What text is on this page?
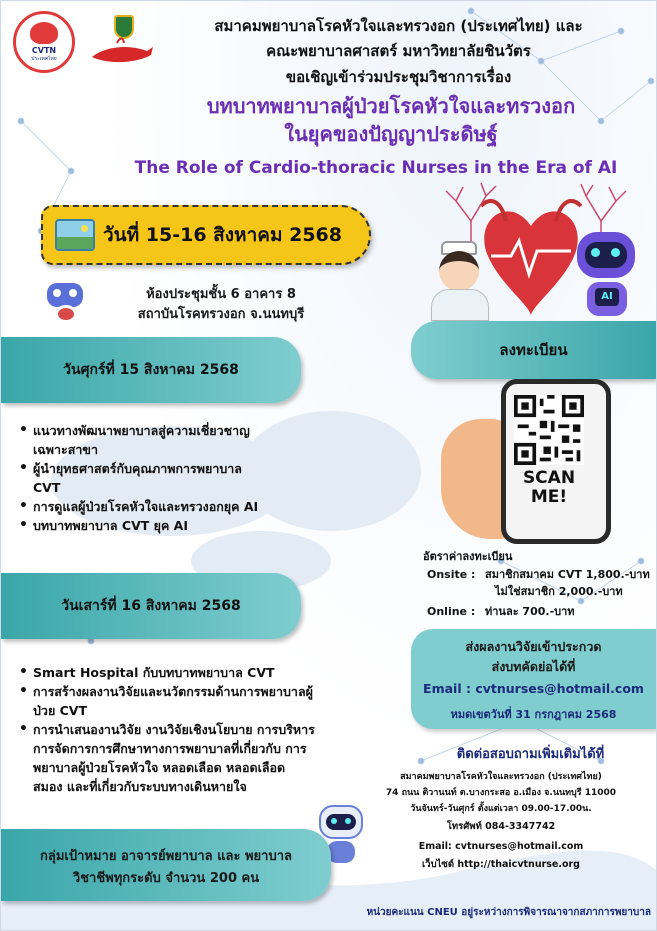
CVTN
ประเทศไทย
สมาคมพยาบาลโรคหัวใจและทรวงอก (ประเทศไทย) และ
คณะพยาบาลศาสตร์ มหาวิทยาลัยชินวัตร
ขอเชิญเข้าร่วมประชุมวิชาการเรื่อง
บทบาทพยาบาลผู้ป่วยโรคหัวใจและทรวงอก
ในยุคของปัญญาประดิษฐ์
The Role of Cardio-thoracic Nurses in the Era of AI
วันที่ 15-16 สิงหาคม 2568
ห้องประชุมชั้น 6 อาคาร 8
สถาบันโรคทรวงอก จ.นนทบุรี
AI
ลงทะเบียน
SCAN
ME!
อัตราค่าลงทะเบียน
Onsite : สมาชิกสมาคม CVT 1,800.-บาท
ไม่ใช่สมาชิก 2,000.-บาท
Online : ท่านละ 700.-บาท
ส่งผลงานวิจัยเข้าประกวด
ส่งบทคัดย่อได้ที่
Email : cvtnurses@hotmail.com
หมดเขตวันที่ 31 กรกฎาคม 2568
ติดต่อสอบถามเพิ่มเติมได้ที่
สมาคมพยาบาลโรคหัวใจและทรวงอก (ประเทศไทย)
74 ถนน ติวานนท์ ต.บางกระสอ อ.เมือง จ.นนทบุรี 11000
วันจันทร์-วันศุกร์ ตั้งแต่เวลา 09.00-17.00น.
โทรศัพท์ 084-3347742
Email: cvtnurses@hotmail.com
เว็บไซต์ http://thaicvtnurse.org
วันศุกร์ที่ 15 สิงหาคม 2568
• แนวทางพัฒนาพยาบาลสู่ความเชี่ยวชาญ
เฉพาะสาขา
• ผู้นำยุทธศาสตร์กับคุณภาพการพยาบาล
CVT
• การดูแลผู้ป่วยโรคหัวใจและทรวงอกยุค AI
• บทบาทพยาบาล CVT ยุค AI
วันเสาร์ที่ 16 สิงหาคม 2568
• Smart Hospital กับบทบาทพยาบาล CVT
• การสร้างผลงานวิจัยและนวัตกรรมด้านการพยาบาลผู้
ป่วย CVT
• การนำเสนองานวิจัย งานวิจัยเชิงนโยบาย การบริหาร
การจัดการการศึกษาทางการพยาบาลที่เกี่ยวกับ การ
พยาบาลผู้ป่วยโรคหัวใจ หลอดเลือด หลอดเลือด
สมอง และที่เกี่ยวกับระบบทางเดินหายใจ
กลุ่มเป้าหมาย อาจารย์พยาบาล และ พยาบาล
วิชาชีพทุกระดับ จำนวน 200 คน
หน่วยคะแนน CNEU อยู่ระหว่างการพิจารณาจากสภาการพยาบาล
